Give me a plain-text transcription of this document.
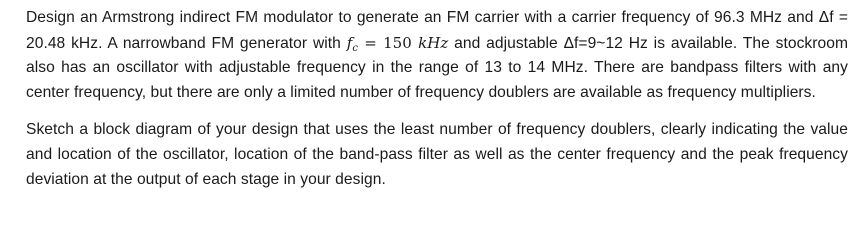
Design an Armstrong indirect FM modulator to generate an FM carrier with a carrier frequency of 96.3 MHz and Δf = 20.48 kHz. A narrowband FM generator with $f_c = 150$ kHz and adjustable Δf=9~12 Hz is available. The stockroom also has an oscillator with adjustable frequency in the range of 13 to 14 MHz. There are bandpass filters with any center frequency, but there are only a limited number of frequency doublers are available as frequency multipliers.

Sketch a block diagram of your design that uses the least number of frequency doublers, clearly indicating the value and location of the oscillator, location of the band-pass filter as well as the center frequency and the peak frequency deviation at the output of each stage in your design.
